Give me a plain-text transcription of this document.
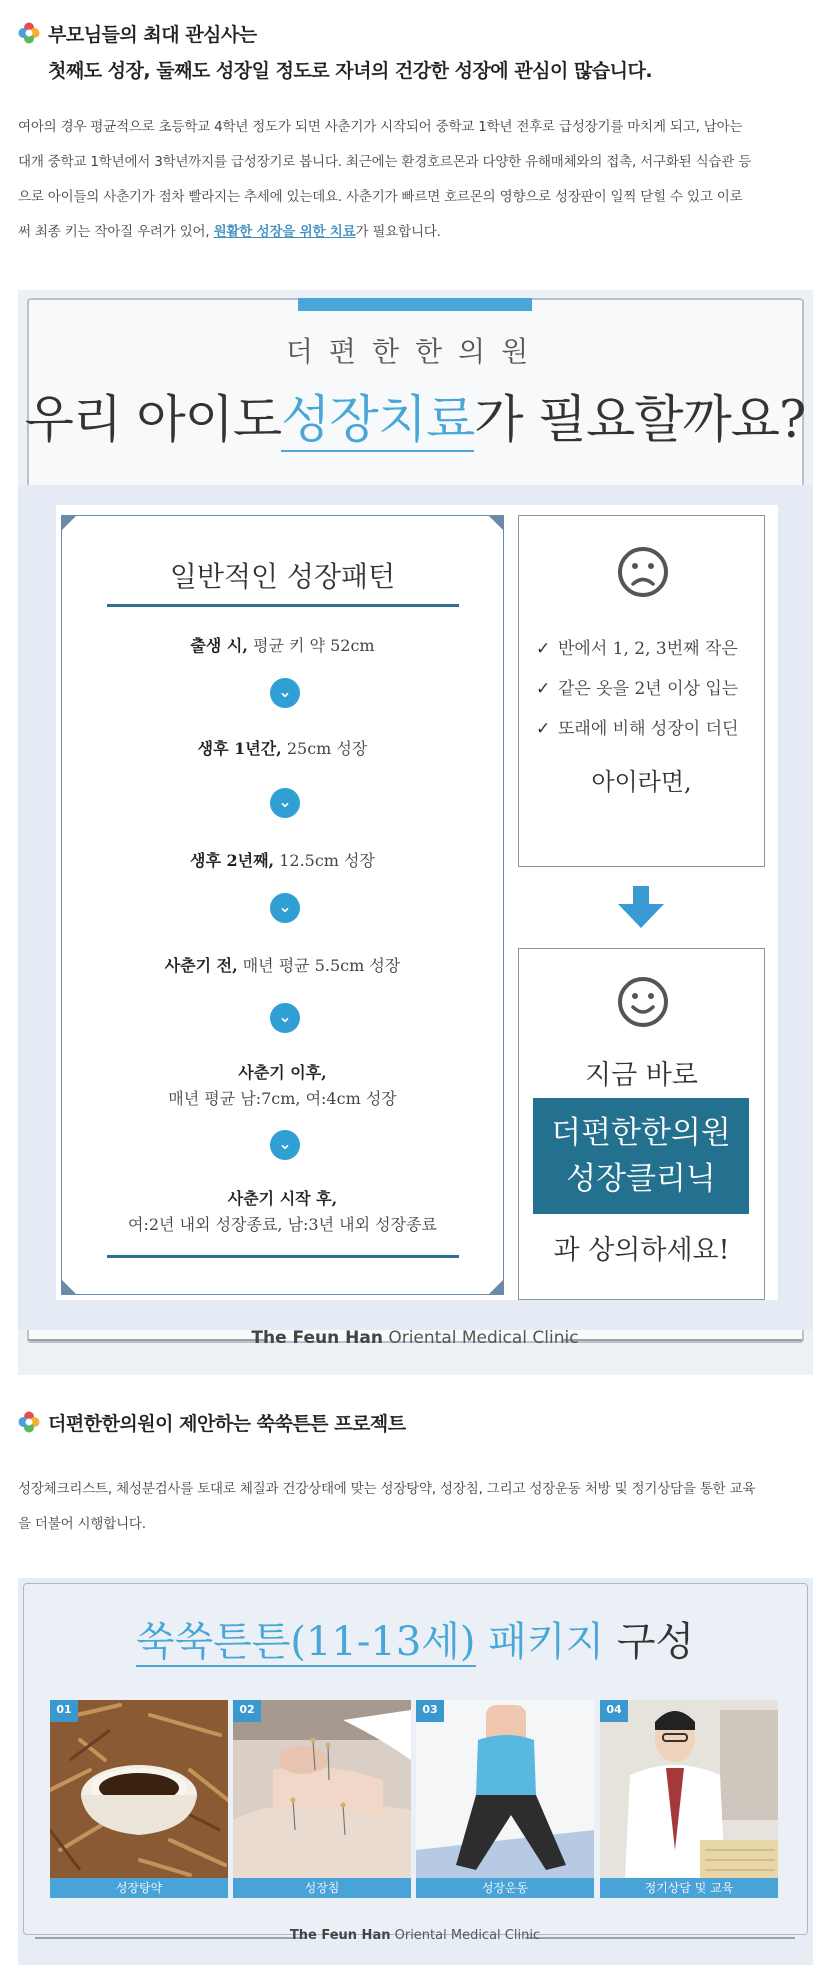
부모님들의 최대 관심사는
첫째도 성장, 둘째도 성장일 정도로 자녀의 건강한 성장에 관심이 많습니다.
여아의 경우 평균적으로 초등학교 4학년 정도가 되면 사춘기가 시작되어 중학교 1학년 전후로 급성장기를 마치게 되고, 남아는
대개 중학교 1학년에서 3학년까지를 급성장기로 봅니다. 최근에는 환경호르몬과 다양한 유해매체와의 접촉, 서구화된 식습관 등
으로 아이들의 사춘기가 점차 빨라지는 추세에 있는데요. 사춘기가 빠르면 호르몬의 영향으로 성장판이 일찍 닫힐 수 있고 이로
써 최종 키는 작아질 우려가 있어, 원활한 성장을 위한 치료가 필요합니다.
더편한한의원
우리 아이도성장치료가 필요할까요?
일반적인 성장패턴
출생 시, 평균 키 약 52cm
⌄
생후 1년간, 25cm 성장
⌄
생후 2년째, 12.5cm 성장
⌄
사춘기 전, 매년 평균 5.5cm 성장
⌄
사춘기 이후,
매년 평균 남:7cm, 여:4cm 성장
⌄
사춘기 시작 후,
여:2년 내외 성장종료, 남:3년 내외 성장종료
✓ 반에서 1, 2, 3번째 작은
✓ 같은 옷을 2년 이상 입는
✓ 또래에 비해 성장이 더딘
아이라면,
지금 바로
더편한한의원
성장클리닉
과 상의하세요!
The Feun Han Oriental Medical Clinic
더편한한의원이 제안하는 쑥쑥튼튼 프로젝트
성장체크리스트, 체성분검사를 토대로 체질과 건강상태에 맞는 성장탕약, 성장침, 그리고 성장운동 처방 및 정기상담을 통한 교육
을 더불어 시행합니다.
쑥쑥튼튼(11-13세) 패키지 구성
01
성장탕약
02
성장침
03
성장운동
04
정기상담 및 교육
The Feun Han Oriental Medical Clinic
